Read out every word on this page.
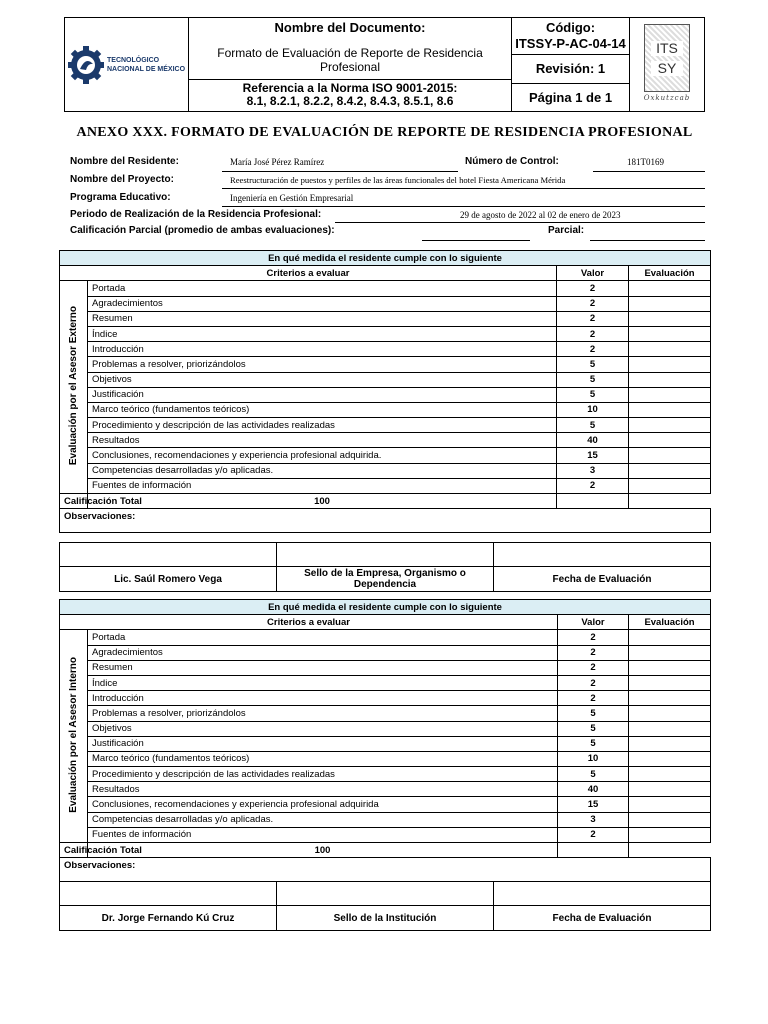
TECNOLÓGICO
NACIONAL DE MÉXICO
Nombre del Documento:
Formato de Evaluación de Reporte de Residencia Profesional
Referencia a la Norma ISO 9001-2015:
8.1, 8.2.1, 8.2.2, 8.4.2, 8.4.3, 8.5.1, 8.6
Código:
ITSSY-P-AC-04-14
Revisión: 1
Página 1 de 1
ITS
SY
Oxkutzcab
ANEXO XXX. FORMATO DE EVALUACIÓN DE REPORTE DE RESIDENCIA PROFESIONAL
Nombre del Residente:	María José Pérez Ramírez	Número de Control:	181T0169
Nombre del Proyecto:	Reestructuración de puestos y perfiles de las áreas funcionales del hotel Fiesta Americana Mérida
Programa Educativo:	Ingeniería en Gestión Empresarial
Periodo de Realización de la Residencia Profesional:	29 de agosto de 2022 al 02 de enero de 2023
Calificación Parcial (promedio de ambas evaluaciones):	Parcial:
En qué medida el residente cumple con lo siguiente			
Criterios a evaluar		Valor	Evaluación
Evaluación por el Asesor Externo	Portada	2	
	Agradecimientos	2	
	Resumen	2	
	Índice	2	
	Introducción	2	
	Problemas a resolver, priorizándolos	5	
	Objetivos	5	
	Justificación	5	
	Marco teórico (fundamentos teóricos)	10	
	Procedimiento y descripción de las actividades realizadas	5	
	Resultados	40	
	Conclusiones, recomendaciones y experiencia profesional adquirida.	15	
	Competencias desarrolladas y/o aplicadas.	3	
	Fuentes de información	2	
Calificación Total	100		
Observaciones:			

Lic. Saúl Romero Vega	Sello de la Empresa, Organismo o Dependencia	Fecha de Evaluación
En qué medida el residente cumple con lo siguiente			
Criterios a evaluar		Valor	Evaluación
Evaluación por el Asesor Interno	Portada	2	
	Agradecimientos	2	
	Resumen	2	
	Índice	2	
	Introducción	2	
	Problemas a resolver, priorizándolos	5	
	Objetivos	5	
	Justificación	5	
	Marco teórico (fundamentos teóricos)	10	
	Procedimiento y descripción de las actividades realizadas	5	
	Resultados	40	
	Conclusiones, recomendaciones y experiencia profesional adquirida	15	
	Competencias desarrolladas y/o aplicadas.	3	
	Fuentes de información	2	
Calificación Total	100		
Observaciones:			

Dr. Jorge Fernando Kú Cruz	Sello de la Institución	Fecha de Evaluación
